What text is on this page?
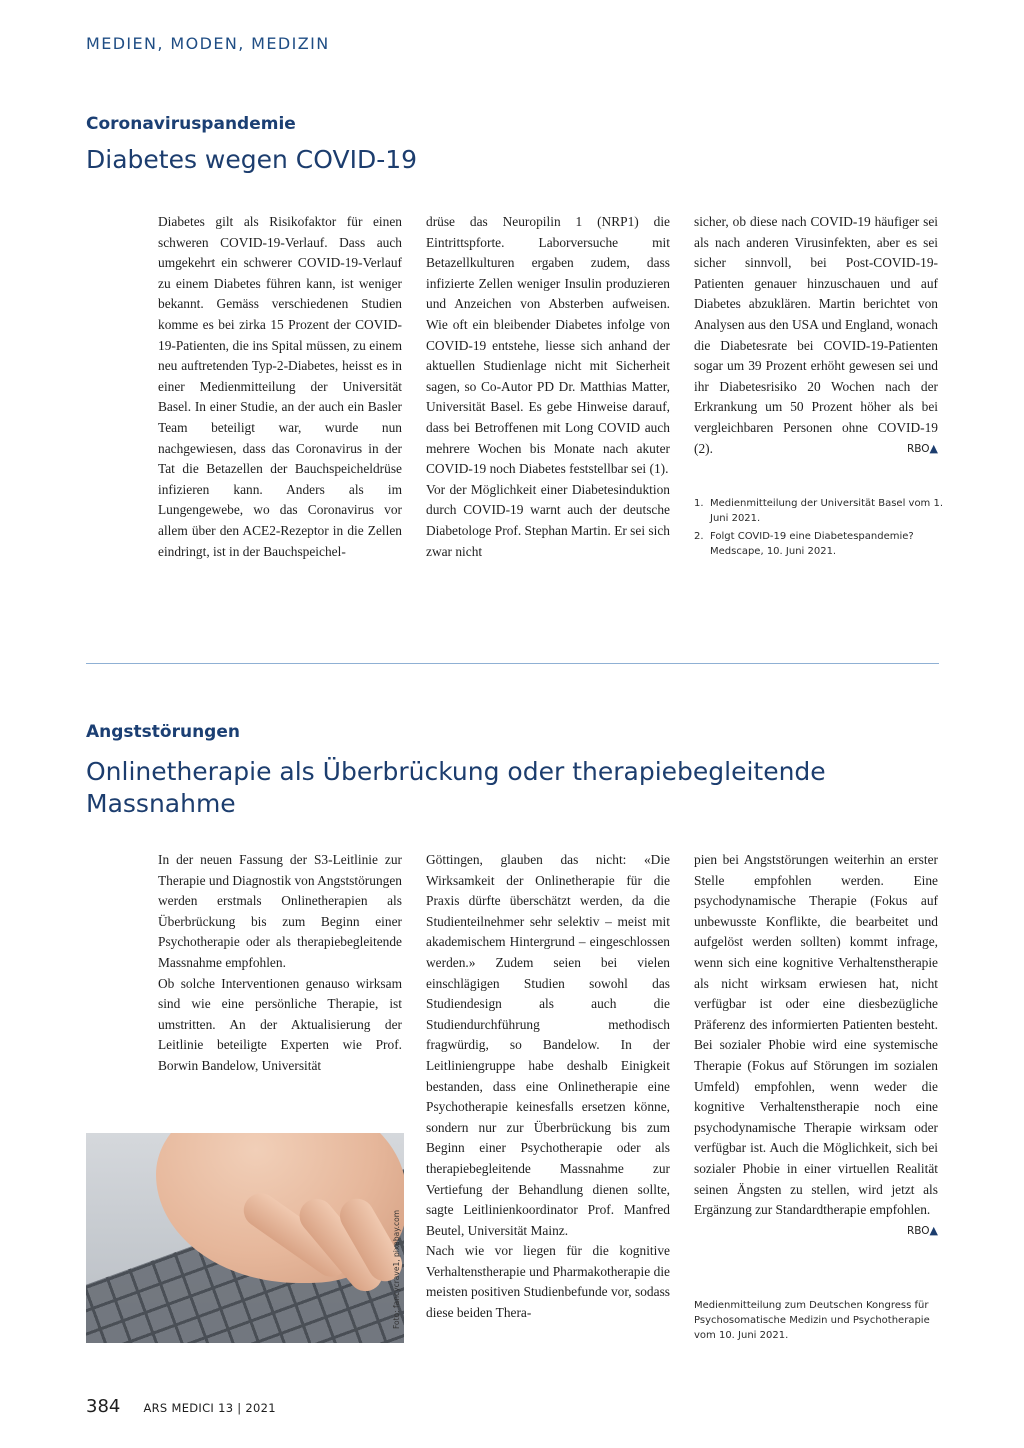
MEDIEN, MODEN, MEDIZIN
Coronaviruspandemie
Diabetes wegen COVID-19

Diabetes gilt als Risikofaktor für einen schweren COVID-19-Verlauf. Dass auch umgekehrt ein schwerer COVID-19-Verlauf zu einem Diabetes führen kann, ist weniger bekannt. Gemäss verschiedenen Studien komme es bei zirka 15 Prozent der COVID-19-Patienten, die ins Spital müssen, zu einem neu auftretenden Typ-2-Diabetes, heisst es in einer Medienmitteilung der Universität Basel. In einer Studie, an der auch ein Basler Team beteiligt war, wurde nun nachgewiesen, dass das Coronavirus in der Tat die Betazellen der Bauchspeicheldrüse infizieren kann. Anders als im Lungengewebe, wo das Coronavirus vor allem über den ACE2-Rezeptor in die Zellen eindringt, ist in der Bauchspeichel-

drüse das Neuropilin 1 (NRP1) die Eintrittspforte. Laborversuche mit Betazellkulturen ergaben zudem, dass infizierte Zellen weniger Insulin produzieren und Anzeichen von Absterben aufweisen. Wie oft ein bleibender Diabetes infolge von COVID-19 entstehe, liesse sich anhand der aktuellen Studienlage nicht mit Sicherheit sagen, so Co-Autor PD Dr. Matthias Matter, Universität Basel. Es gebe Hinweise darauf, dass bei Betroffenen mit Long COVID auch mehrere Wochen bis Monate nach akuter COVID-19 noch Diabetes feststellbar sei (1).

Vor der Möglichkeit einer Diabetesinduktion durch COVID-19 warnt auch der deutsche Diabetologe Prof. Stephan Martin. Er sei sich zwar nicht

sicher, ob diese nach COVID-19 häufiger sei als nach anderen Virusinfekten, aber es sei sicher sinnvoll, bei Post-COVID-19-Patienten genauer hinzuschauen und auf Diabetes abzuklären. Martin berichtet von Analysen aus den USA und England, wonach die Diabetesrate bei COVID-19-Patienten sogar um 39 Prozent erhöht gewesen sei und ihr Diabetesrisiko 20 Wochen nach der Erkrankung um 50 Prozent höher als bei vergleichbaren Personen ohne COVID-19 (2).	RBO▲

1. Medienmitteilung der Universität Basel vom 1. Juni 2021.
2. Folgt COVID-19 eine Diabetespandemie? Medscape, 10. Juni 2021.
Angststörungen
Onlinetherapie als Überbrückung oder therapiebegleitende Massnahme

In der neuen Fassung der S3-Leitlinie zur Therapie und Diagnostik von Angststörungen werden erstmals Onlinetherapien als Überbrückung bis zum Beginn einer Psychotherapie oder als therapiebegleitende Massnahme empfohlen.

Ob solche Interventionen genauso wirksam sind wie eine persönliche Therapie, ist umstritten. An der Aktualisierung der Leitlinie beteiligte Experten wie Prof. Borwin Bandelow, Universität

Foto: fancycrave1, pixabay.com

Göttingen, glauben das nicht: «Die Wirksamkeit der Onlinetherapie für die Praxis dürfte überschätzt werden, da die Studienteilnehmer sehr selektiv – meist mit akademischem Hintergrund – eingeschlossen werden.» Zudem seien bei vielen einschlägigen Studien sowohl das Studiendesign als auch die Studiendurchführung methodisch fragwürdig, so Bandelow. In der Leitliniengruppe habe deshalb Einigkeit bestanden, dass eine Onlinetherapie eine Psychotherapie keinesfalls ersetzen könne, sondern nur zur Überbrückung bis zum Beginn einer Psychotherapie oder als therapiebegleitende Massnahme zur Vertiefung der Behandlung dienen sollte, sagte Leitlinienkoordinator Prof. Manfred Beutel, Universität Mainz.

Nach wie vor liegen für die kognitive Verhaltenstherapie und Pharmakotherapie die meisten positiven Studienbefunde vor, sodass diese beiden Thera-

pien bei Angststörungen weiterhin an erster Stelle empfohlen werden. Eine psychodynamische Therapie (Fokus auf unbewusste Konflikte, die bearbeitet und aufgelöst werden sollten) kommt infrage, wenn sich eine kognitive Verhaltenstherapie als nicht wirksam erwiesen hat, nicht verfügbar ist oder eine diesbezügliche Präferenz des informierten Patienten besteht. Bei sozialer Phobie wird eine systemische Therapie (Fokus auf Störungen im sozialen Umfeld) empfohlen, wenn weder die kognitive Verhaltenstherapie noch eine psychodynamische Therapie wirksam oder verfügbar ist. Auch die Möglichkeit, sich bei sozialer Phobie in einer virtuellen Realität seinen Ängsten zu stellen, wird jetzt als Ergänzung zur Standardtherapie empfohlen.
RBO▲

Medienmitteilung zum Deutschen Kongress für Psychosomatische Medizin und Psychotherapie vom 10. Juni 2021.
384 ARS MEDICI 13 | 2021
